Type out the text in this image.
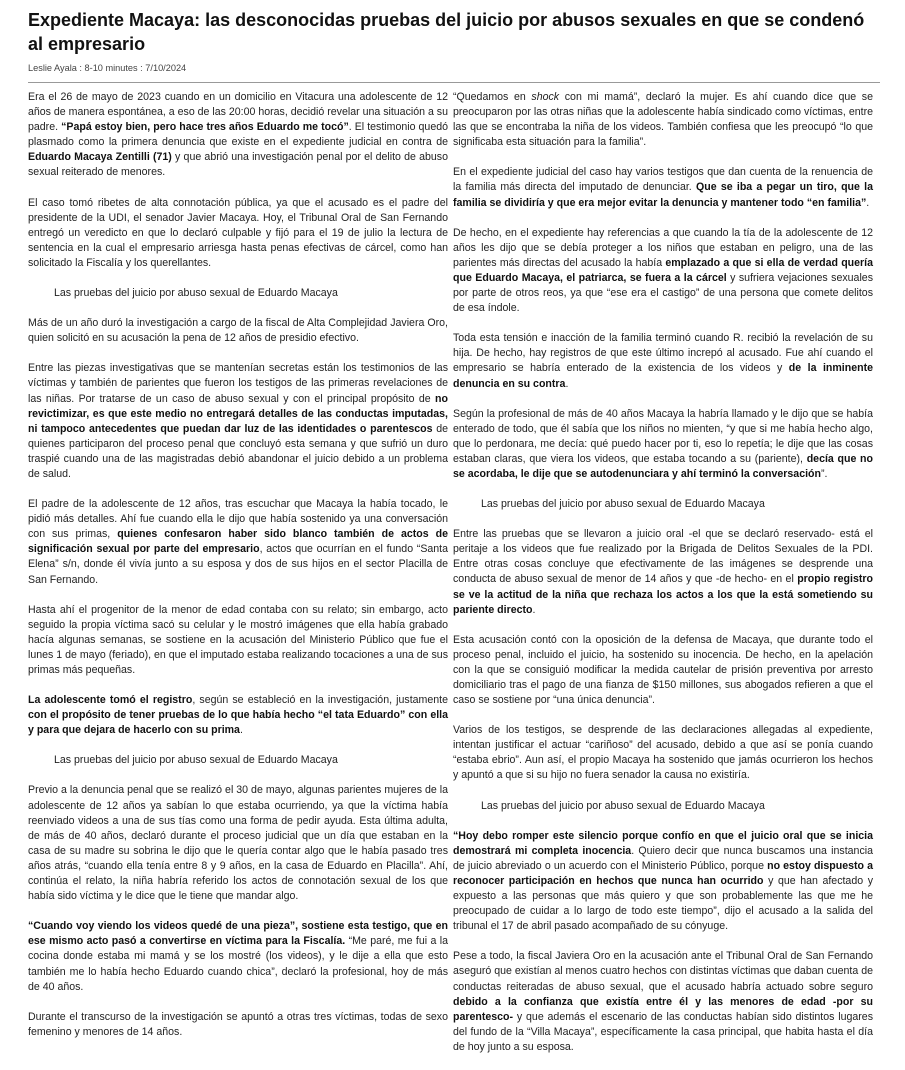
Expediente Macaya: las desconocidas pruebas del juicio por abusos sexuales en que se condenó al empresario
Leslie Ayala : 8-10 minutes : 7/10/2024

Era el 26 de mayo de 2023 cuando en un domicilio en Vitacura una adolescente de 12 años de manera espontánea, a eso de las 20:00 horas, decidió revelar una situación a su padre. “Papá estoy bien, pero hace tres años Eduardo me tocó”. El testimonio quedó plasmado como la primera denuncia que existe en el expediente judicial en contra de Eduardo Macaya Zentilli (71) y que abrió una investigación penal por el delito de abuso sexual reiterado de menores.

El caso tomó ribetes de alta connotación pública, ya que el acusado es el padre del presidente de la UDI, el senador Javier Macaya. Hoy, el Tribunal Oral de San Fernando entregó un veredicto en que lo declaró culpable y fijó para el 19 de julio la lectura de sentencia en la cual el empresario arriesga hasta penas efectivas de cárcel, como han solicitado la Fiscalía y los querellantes.

Las pruebas del juicio por abuso sexual de Eduardo Macaya

Más de un año duró la investigación a cargo de la fiscal de Alta Complejidad Javiera Oro, quien solicitó en su acusación la pena de 12 años de presidio efectivo.

Entre las piezas investigativas que se mantenían secretas están los testimonios de las víctimas y también de parientes que fueron los testigos de las primeras revelaciones de las niñas. Por tratarse de un caso de abuso sexual y con el principal propósito de no revictimizar, es que este medio no entregará detalles de las conductas imputadas, ni tampoco antecedentes que puedan dar luz de las identidades o parentescos de quienes participaron del proceso penal que concluyó esta semana y que sufrió un duro traspié cuando una de las magistradas debió abandonar el juicio debido a un problema de salud.

El padre de la adolescente de 12 años, tras escuchar que Macaya la había tocado, le pidió más detalles. Ahí fue cuando ella le dijo que había sostenido ya una conversación con sus primas, quienes confesaron haber sido blanco también de actos de significación sexual por parte del empresario, actos que ocurrían en el fundo “Santa Elena” s/n, donde él vivía junto a su esposa y dos de sus hijos en el sector Placilla de San Fernando.

Hasta ahí el progenitor de la menor de edad contaba con su relato; sin embargo, acto seguido la propia víctima sacó su celular y le mostró imágenes que ella había grabado hacía algunas semanas, se sostiene en la acusación del Ministerio Público que fue el lunes 1 de mayo (feriado), en que el imputado estaba realizando tocaciones a una de sus primas más pequeñas.

La adolescente tomó el registro, según se estableció en la investigación, justamente con el propósito de tener pruebas de lo que había hecho “el tata Eduardo” con ella y para que dejara de hacerlo con su prima.

Las pruebas del juicio por abuso sexual de Eduardo Macaya

Previo a la denuncia penal que se realizó el 30 de mayo, algunas parientes mujeres de la adolescente de 12 años ya sabían lo que estaba ocurriendo, ya que la víctima había reenviado videos a una de sus tías como una forma de pedir ayuda. Esta última adulta, de más de 40 años, declaró durante el proceso judicial que un día que estaban en la casa de su madre su sobrina le dijo que le quería contar algo que le había pasado tres años atrás, “cuando ella tenía entre 8 y 9 años, en la casa de Eduardo en Placilla”. Ahí, continúa el relato, la niña habría referido los actos de connotación sexual de los que había sido víctima y le dice que le tiene que mandar algo.

“Cuando voy viendo los videos quedé de una pieza”, sostiene esta testigo, que en ese mismo acto pasó a convertirse en víctima para la Fiscalía. “Me paré, me fui a la cocina donde estaba mi mamá y se los mostré (los videos), y le dije a ella que esto también me lo había hecho Eduardo cuando chica”, declaró la profesional, hoy de más de 40 años.

Durante el transcurso de la investigación se apuntó a otras tres víctimas, todas de sexo femenino y menores de 14 años.

“Quedamos en shock con mi mamá”, declaró la mujer. Es ahí cuando dice que se preocuparon por las otras niñas que la adolescente había sindicado como víctimas, entre las que se encontraba la niña de los videos. También confiesa que les preocupó “lo que significaba esta situación para la familia”.

En el expediente judicial del caso hay varios testigos que dan cuenta de la renuencia de la familia más directa del imputado de denunciar. Que se iba a pegar un tiro, que la familia se dividiría y que era mejor evitar la denuncia y mantener todo “en familia”.

De hecho, en el expediente hay referencias a que cuando la tía de la adolescente de 12 años les dijo que se debía proteger a los niños que estaban en peligro, una de las parientes más directas del acusado la había emplazado a que si ella de verdad quería que Eduardo Macaya, el patriarca, se fuera a la cárcel y sufriera vejaciones sexuales por parte de otros reos, ya que “ese era el castigo” de una persona que comete delitos de esa índole.

Toda esta tensión e inacción de la familia terminó cuando R. recibió la revelación de su hija. De hecho, hay registros de que este último increpó al acusado. Fue ahí cuando el empresario se habría enterado de la existencia de los videos y de la inminente denuncia en su contra.

Según la profesional de más de 40 años Macaya la habría llamado y le dijo que se había enterado de todo, que él sabía que los niños no mienten, “y que si me había hecho algo, que lo perdonara, me decía: qué puedo hacer por ti, eso lo repetía; le dije que las cosas estaban claras, que viera los videos, que estaba tocando a su (pariente), decía que no se acordaba, le dije que se autodenunciara y ahí terminó la conversación”.

Las pruebas del juicio por abuso sexual de Eduardo Macaya

Entre las pruebas que se llevaron a juicio oral -el que se declaró reservado- está el peritaje a los videos que fue realizado por la Brigada de Delitos Sexuales de la PDI. Entre otras cosas concluye que efectivamente de las imágenes se desprende una conducta de abuso sexual de menor de 14 años y que -de hecho- en el propio registro se ve la actitud de la niña que rechaza los actos a los que la está sometiendo su pariente directo.

Esta acusación contó con la oposición de la defensa de Macaya, que durante todo el proceso penal, incluido el juicio, ha sostenido su inocencia. De hecho, en la apelación con la que se consiguió modificar la medida cautelar de prisión preventiva por arresto domiciliario tras el pago de una fianza de $150 millones, sus abogados refieren a que el caso se sostiene por “una única denuncia”.

Varios de los testigos, se desprende de las declaraciones allegadas al expediente, intentan justificar el actuar “cariñoso” del acusado, debido a que así se ponía cuando “estaba ebrio”. Aun así, el propio Macaya ha sostenido que jamás ocurrieron los hechos y apuntó a que si su hijo no fuera senador la causa no existiría.

Las pruebas del juicio por abuso sexual de Eduardo Macaya

“Hoy debo romper este silencio porque confío en que el juicio oral que se inicia demostrará mi completa inocencia. Quiero decir que nunca buscamos una instancia de juicio abreviado o un acuerdo con el Ministerio Público, porque no estoy dispuesto a reconocer participación en hechos que nunca han ocurrido y que han afectado y expuesto a las personas que más quiero y que son probablemente las que me he preocupado de cuidar a lo largo de todo este tiempo”, dijo el acusado a la salida del tribunal el 17 de abril pasado acompañado de su cónyuge.

Pese a todo, la fiscal Javiera Oro en la acusación ante el Tribunal Oral de San Fernando aseguró que existían al menos cuatro hechos con distintas víctimas que daban cuenta de conductas reiteradas de abuso sexual, que el acusado habría actuado sobre seguro debido a la confianza que existía entre él y las menores de edad -por su parentesco- y que además el escenario de las conductas habían sido distintos lugares del fundo de la “Villa Macaya”, específicamente la casa principal, que habita hasta el día de hoy junto a su esposa.
